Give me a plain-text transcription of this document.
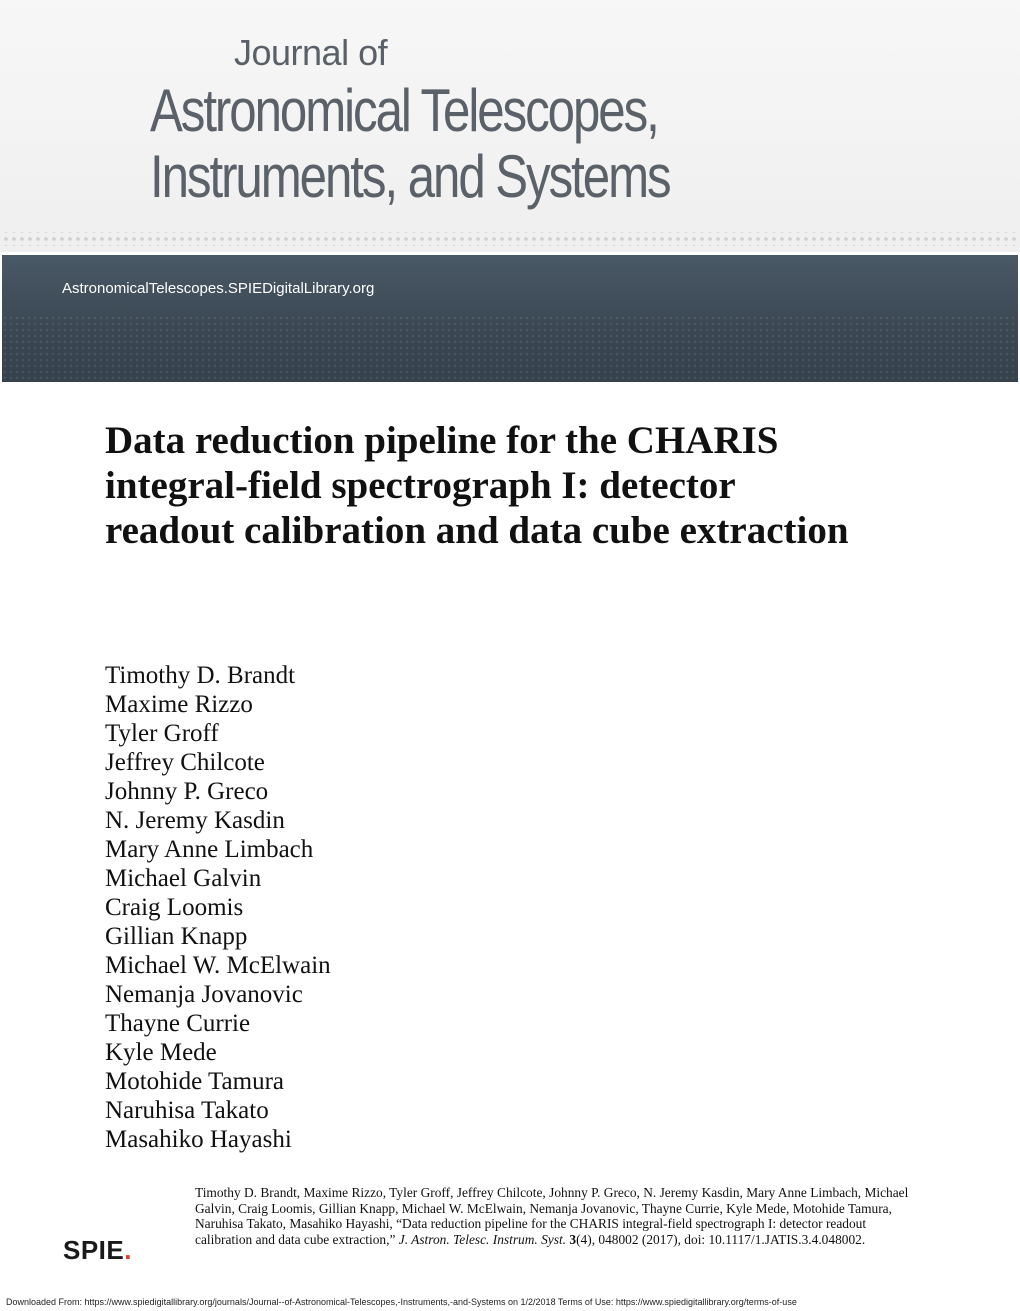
Journal of
Astronomical Telescopes,
Instruments, and Systems
AstronomicalTelescopes.SPIEDigitalLibrary.org
Data reduction pipeline for the CHARIS integral-field spectrograph I: detector readout calibration and data cube extraction
Timothy D. Brandt
Maxime Rizzo
Tyler Groff
Jeffrey Chilcote
Johnny P. Greco
N. Jeremy Kasdin
Mary Anne Limbach
Michael Galvin
Craig Loomis
Gillian Knapp
Michael W. McElwain
Nemanja Jovanovic
Thayne Currie
Kyle Mede
Motohide Tamura
Naruhisa Takato
Masahiko Hayashi
Timothy D. Brandt, Maxime Rizzo, Tyler Groff, Jeffrey Chilcote, Johnny P. Greco, N. Jeremy Kasdin, Mary Anne Limbach, Michael Galvin, Craig Loomis, Gillian Knapp, Michael W. McElwain, Nemanja Jovanovic, Thayne Currie, Kyle Mede, Motohide Tamura, Naruhisa Takato, Masahiko Hayashi, “Data reduction pipeline for the CHARIS integral-field spectrograph I: detector readout calibration and data cube extraction,” J. Astron. Telesc. Instrum. Syst. 3(4), 048002 (2017), doi: 10.1117/1.JATIS.3.4.048002.
SPIE.
Downloaded From: https://www.spiedigitallibrary.org/journals/Journal--of-Astronomical-Telescopes,-Instruments,-and-Systems on 1/2/2018 Terms of Use: https://www.spiedigitallibrary.org/terms-of-use
